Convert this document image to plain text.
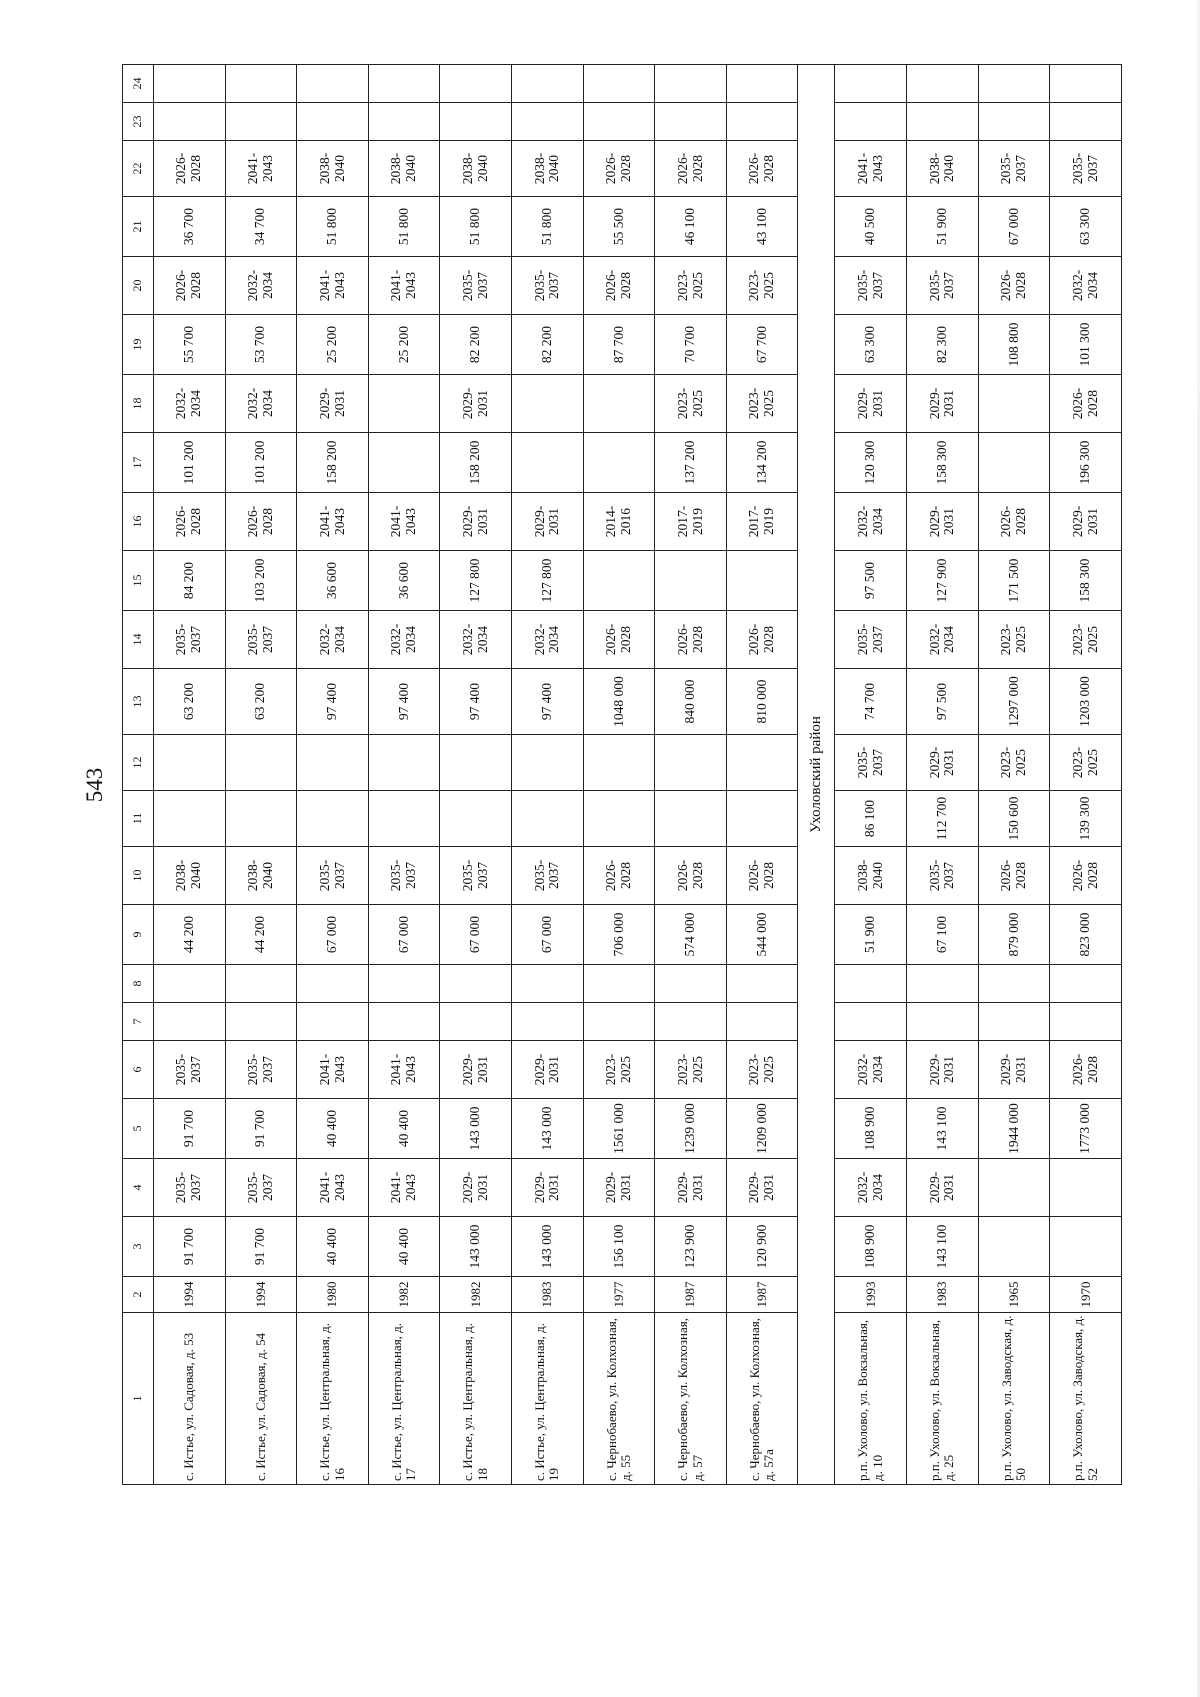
543
1	2	3	4	5	6	7	8	9	10	11	12	13	14	15	16	17	18	19	20	21	22	23	24
с. Истье, ул. Садовая, д. 53	1994	91 700	2035-2037	91 700	2035-2037			44 200	2038-2040			63 200	2035-2037	84 200	2026-2028	101 200	2032-2034	55 700	2026-2028	36 700	2026-2028		
с. Истье, ул. Садовая, д. 54	1994	91 700	2035-2037	91 700	2035-2037			44 200	2038-2040			63 200	2035-2037	103 200	2026-2028	101 200	2032-2034	53 700	2032-2034	34 700	2041-2043		
с. Истье, ул. Центральная, д. 16	1980	40 400	2041-2043	40 400	2041-2043			67 000	2035-2037			97 400	2032-2034	36 600	2041-2043	158 200	2029-2031	25 200	2041-2043	51 800	2038-2040		
с. Истье, ул. Центральная, д. 17	1982	40 400	2041-2043	40 400	2041-2043			67 000	2035-2037			97 400	2032-2034	36 600	2041-2043			25 200	2041-2043	51 800	2038-2040		
с. Истье, ул. Центральная, д. 18	1982	143 000	2029-2031	143 000	2029-2031			67 000	2035-2037			97 400	2032-2034	127 800	2029-2031	158 200	2029-2031	82 200	2035-2037	51 800	2038-2040		
с. Истье, ул. Центральная, д. 19	1983	143 000	2029-2031	143 000	2029-2031			67 000	2035-2037			97 400	2032-2034	127 800	2029-2031			82 200	2035-2037	51 800	2038-2040		
с. Чернобаево, ул. Колхозная, д. 55	1977	156 100	2029-2031	1561 000	2023-2025			706 000	2026-2028			1048 000	2026-2028		2014-2016			87 700	2026-2028	55 500	2026-2028		
с. Чернобаево, ул. Колхозная, д. 57	1987	123 900	2029-2031	1239 000	2023-2025			574 000	2026-2028			840 000	2026-2028		2017-2019	137 200	2023-2025	70 700	2023-2025	46 100	2026-2028		
с. Чернобаево, ул. Колхозная, д. 57а	1987	120 900	2029-2031	1209 000	2023-2025			544 000	2026-2028			810 000	2026-2028		2017-2019	134 200	2023-2025	67 700	2023-2025	43 100	2026-2028		
Ухоловский район																							
р.п. Ухолово, ул. Вокзальная, д. 10	1993	108 900	2032-2034	108 900	2032-2034			51 900	2038-2040	86 100	2035-2037	74 700	2035-2037	97 500	2032-2034	120 300	2029-2031	63 300	2035-2037	40 500	2041-2043		
р.п. Ухолово, ул. Вокзальная, д. 25	1983	143 100	2029-2031	143 100	2029-2031			67 100	2035-2037	112 700	2029-2031	97 500	2032-2034	127 900	2029-2031	158 300	2029-2031	82 300	2035-2037	51 900	2038-2040		
р.п. Ухолово, ул. Заводская, д. 50	1965			1944 000	2029-2031			879 000	2026-2028	150 600	2023-2025	1297 000	2023-2025	171 500	2026-2028			108 800	2026-2028	67 000	2035-2037		
р.п. Ухолово, ул. Заводская, д. 52	1970			1773 000	2026-2028			823 000	2026-2028	139 300	2023-2025	1203 000	2023-2025	158 300	2029-2031	196 300	2026-2028	101 300	2032-2034	63 300	2035-2037		
